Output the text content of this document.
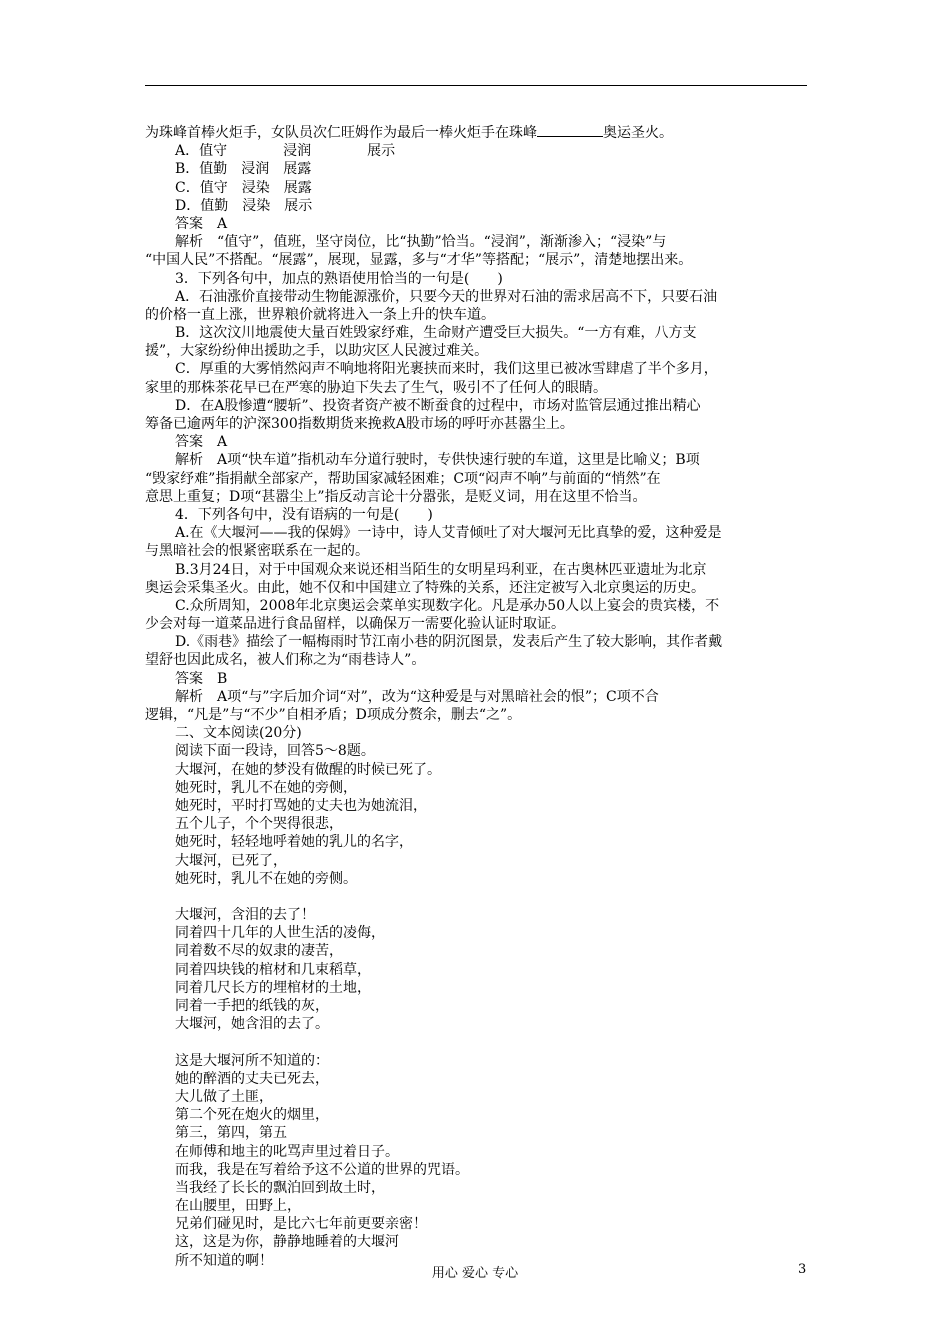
为珠峰首棒火炬手，女队员次仁旺姆作为最后一棒火炬手在珠峰	奥运圣火。
A．值守　　　　浸润　　　　展示
B．值勤　浸润　展露
C．值守　浸染　展露
D．值勤　浸染　展示
答案　A
解析　“值守”，值班，坚守岗位，比“执勤”恰当。“浸润”，渐渐渗入；“浸染”与
“中国人民”不搭配。“展露”，展现，显露，多与“才华”等搭配；“展示”，清楚地摆出来。
3．下列各句中，加点的熟语使用恰当的一句是(　　)
A．石油涨价直接带动生物能源涨价，只要今天的世界对石油的需求居高不下，只要石油
的价格一直上涨，世界粮价就将进入一条上升的快车道。
B．这次汶川地震使大量百姓毁家纾难，生命财产遭受巨大损失。“一方有难，八方支
援”，大家纷纷伸出援助之手，以助灾区人民渡过难关。
C．厚重的大雾悄然闷声不响地将阳光裹挟而来时，我们这里已被冰雪肆虐了半个多月，
家里的那株茶花早已在严寒的胁迫下失去了生气，吸引不了任何人的眼睛。
D．在A股惨遭“腰斩”、投资者资产被不断蚕食的过程中，市场对监管层通过推出精心
筹备已逾两年的沪深300指数期货来挽救A股市场的呼吁亦甚嚣尘上。
答案　A
解析　A项“快车道”指机动车分道行驶时，专供快速行驶的车道，这里是比喻义；B项
“毁家纾难”指捐献全部家产，帮助国家减轻困难；C项“闷声不响”与前面的“悄然”在
意思上重复；D项“甚嚣尘上”指反动言论十分嚣张，是贬义词，用在这里不恰当。
4．下列各句中，没有语病的一句是(　　)
A.在《大堰河——我的保姆》一诗中，诗人艾青倾吐了对大堰河无比真挚的爱，这种爱是
与黑暗社会的恨紧密联系在一起的。
B.3月24日，对于中国观众来说还相当陌生的女明星玛利亚，在古奥林匹亚遗址为北京
奥运会采集圣火。由此，她不仅和中国建立了特殊的关系，还注定被写入北京奥运的历史。
C.众所周知，2008年北京奥运会菜单实现数字化。凡是承办50人以上宴会的贵宾楼，不
少会对每一道菜品进行食品留样，以确保万一需要化验认证时取证。
D.《雨巷》描绘了一幅梅雨时节江南小巷的阴沉图景，发表后产生了较大影响，其作者戴
望舒也因此成名，被人们称之为“雨巷诗人”。
答案　B
解析　A项“与”字后加介词“对”，改为“这种爱是与对黑暗社会的恨”；C项不合
逻辑，“凡是”与“不少”自相矛盾；D项成分赘余，删去“之”。
二、文本阅读(20分)
阅读下面一段诗，回答5～8题。
大堰河，在她的梦没有做醒的时候已死了。
她死时，乳儿不在她的旁侧，
她死时，平时打骂她的丈夫也为她流泪，
五个儿子，个个哭得很悲，
她死时，轻轻地呼着她的乳儿的名字，
大堰河，已死了，
她死时，乳儿不在她的旁侧。
大堰河，含泪的去了！
同着四十几年的人世生活的凌侮，
同着数不尽的奴隶的凄苦，
同着四块钱的棺材和几束稻草，
同着几尺长方的埋棺材的土地，
同着一手把的纸钱的灰，
大堰河，她含泪的去了。
这是大堰河所不知道的：
她的醉酒的丈夫已死去，
大儿做了土匪，
第二个死在炮火的烟里，
第三，第四，第五
在师傅和地主的叱骂声里过着日子。
而我，我是在写着给予这不公道的世界的咒语。
当我经了长长的飘泊回到故土时，
在山腰里，田野上，
兄弟们碰见时，是比六七年前更要亲密！
这，这是为你，静静地睡着的大堰河
所不知道的啊！
用心 爱心 专心	3
